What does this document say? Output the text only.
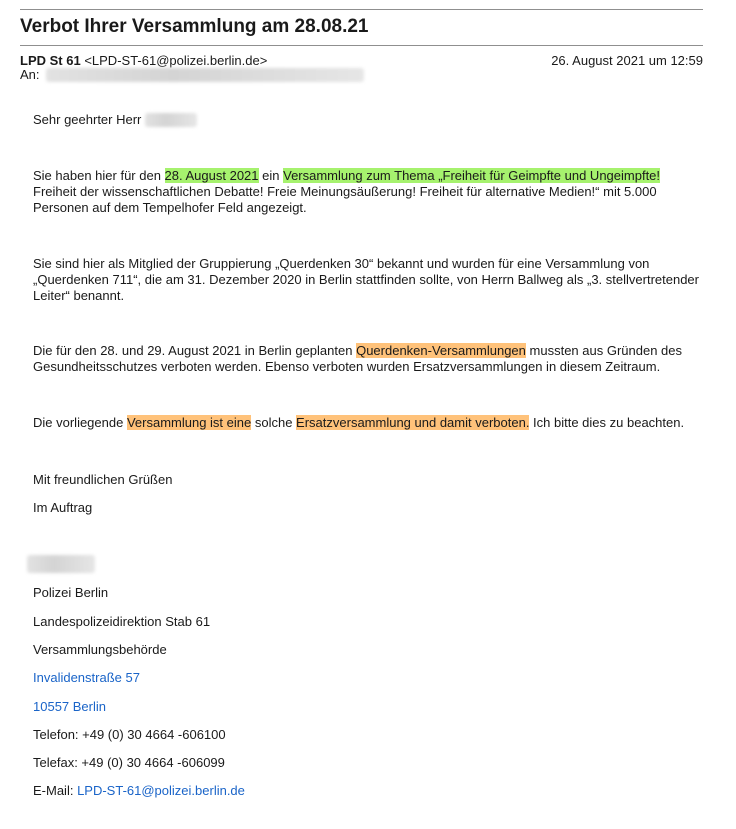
Verbot Ihrer Versammlung am 28.08.21
LPD St 61 <LPD-ST-61@polizei.berlin.de>	26. August 2021 um 12:59
An:
Sehr geehrter Herr
Sie haben hier für den 28. August 2021 ein Versammlung zum Thema „Freiheit für Geimpfte und Ungeimpfte! Freiheit der wissenschaftlichen Debatte! Freie Meinungsäußerung! Freiheit für alternative Medien!“ mit 5.000 Personen auf dem Tempelhofer Feld angezeigt.
Sie sind hier als Mitglied der Gruppierung „Querdenken 30“ bekannt und wurden für eine Versammlung von „Querdenken 711“, die am 31. Dezember 2020 in Berlin stattfinden sollte, von Herrn Ballweg als „3. stellvertretender Leiter“ benannt.
Die für den 28. und 29. August 2021 in Berlin geplanten Querdenken-Versammlungen mussten aus Gründen des Gesundheitsschutzes verboten werden. Ebenso verboten wurden Ersatzversammlungen in diesem Zeitraum.
Die vorliegende Versammlung ist eine solche Ersatzversammlung und damit verboten. Ich bitte dies zu beachten.
Mit freundlichen Grüßen
Im Auftrag
Polizei Berlin
Landespolizeidirektion Stab 61
Versammlungsbehörde
Invalidenstraße 57
10557 Berlin
Telefon: +49 (0) 30 4664 -606100
Telefax: +49 (0) 30 4664 -606099
E-Mail: LPD-ST-61@polizei.berlin.de
